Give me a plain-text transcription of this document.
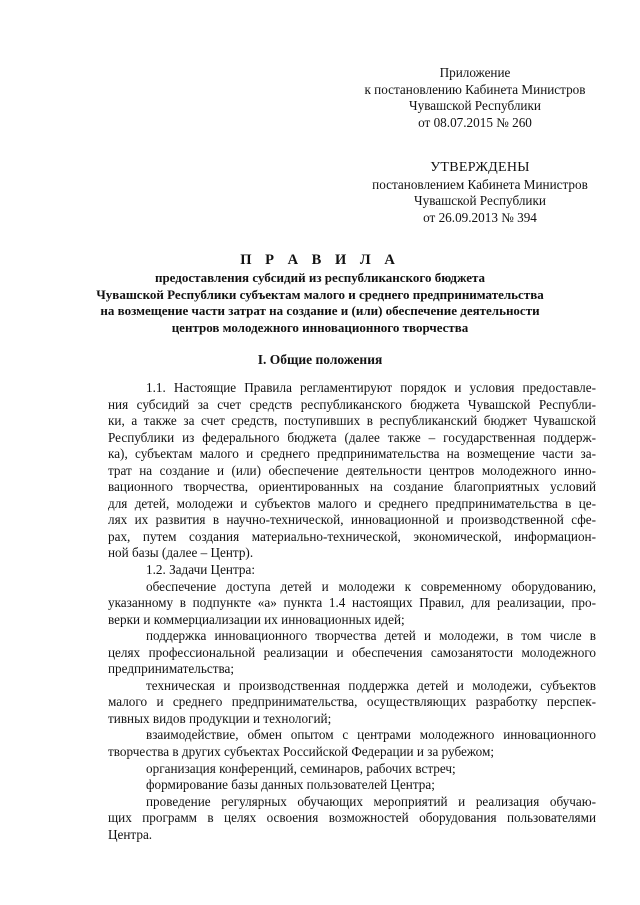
Приложение
к постановлению Кабинета Министров
Чувашской Республики
от 08.07.2015 № 260
УТВЕРЖДЕНЫ
постановлением Кабинета Министров
Чувашской Республики
от 26.09.2013 № 394
П Р А В И Л А
предоставления субсидий из республиканского бюджета
Чувашской Республики субъектам малого и среднего предпринимательства
на возмещение части затрат на создание и (или) обеспечение деятельности
центров молодежного инновационного творчества
I. Общие положения
1.1. Настоящие Правила регламентируют порядок и условия предоставле-
ния субсидий за счет средств республиканского бюджета Чувашской Республи-
ки, а также за счет средств, поступивших в республиканский бюджет Чувашской
Республики из федерального бюджета (далее также – государственная поддерж-
ка), субъектам малого и среднего предпринимательства на возмещение части за-
трат на создание и (или) обеспечение деятельности центров молодежного инно-
вационного творчества, ориентированных на создание благоприятных условий
для детей, молодежи и субъектов малого и среднего предпринимательства в це-
лях их развития в научно-технической, инновационной и производственной сфе-
рах, путем создания материально-технической, экономической, информацион-
ной базы (далее – Центр).
1.2. Задачи Центра:
обеспечение доступа детей и молодежи к современному оборудованию,
указанному в подпункте «а» пункта 1.4 настоящих Правил, для реализации, про-
верки и коммерциализации их инновационных идей;
поддержка инновационного творчества детей и молодежи, в том числе в
целях профессиональной реализации и обеспечения самозанятости молодежного
предпринимательства;
техническая и производственная поддержка детей и молодежи, субъектов
малого и среднего предпринимательства, осуществляющих разработку перспек-
тивных видов продукции и технологий;
взаимодействие, обмен опытом с центрами молодежного инновационного
творчества в других субъектах Российской Федерации и за рубежом;
организация конференций, семинаров, рабочих встреч;
формирование базы данных пользователей Центра;
проведение регулярных обучающих мероприятий и реализация обучаю-
щих программ в целях освоения возможностей оборудования пользователями
Центра.
